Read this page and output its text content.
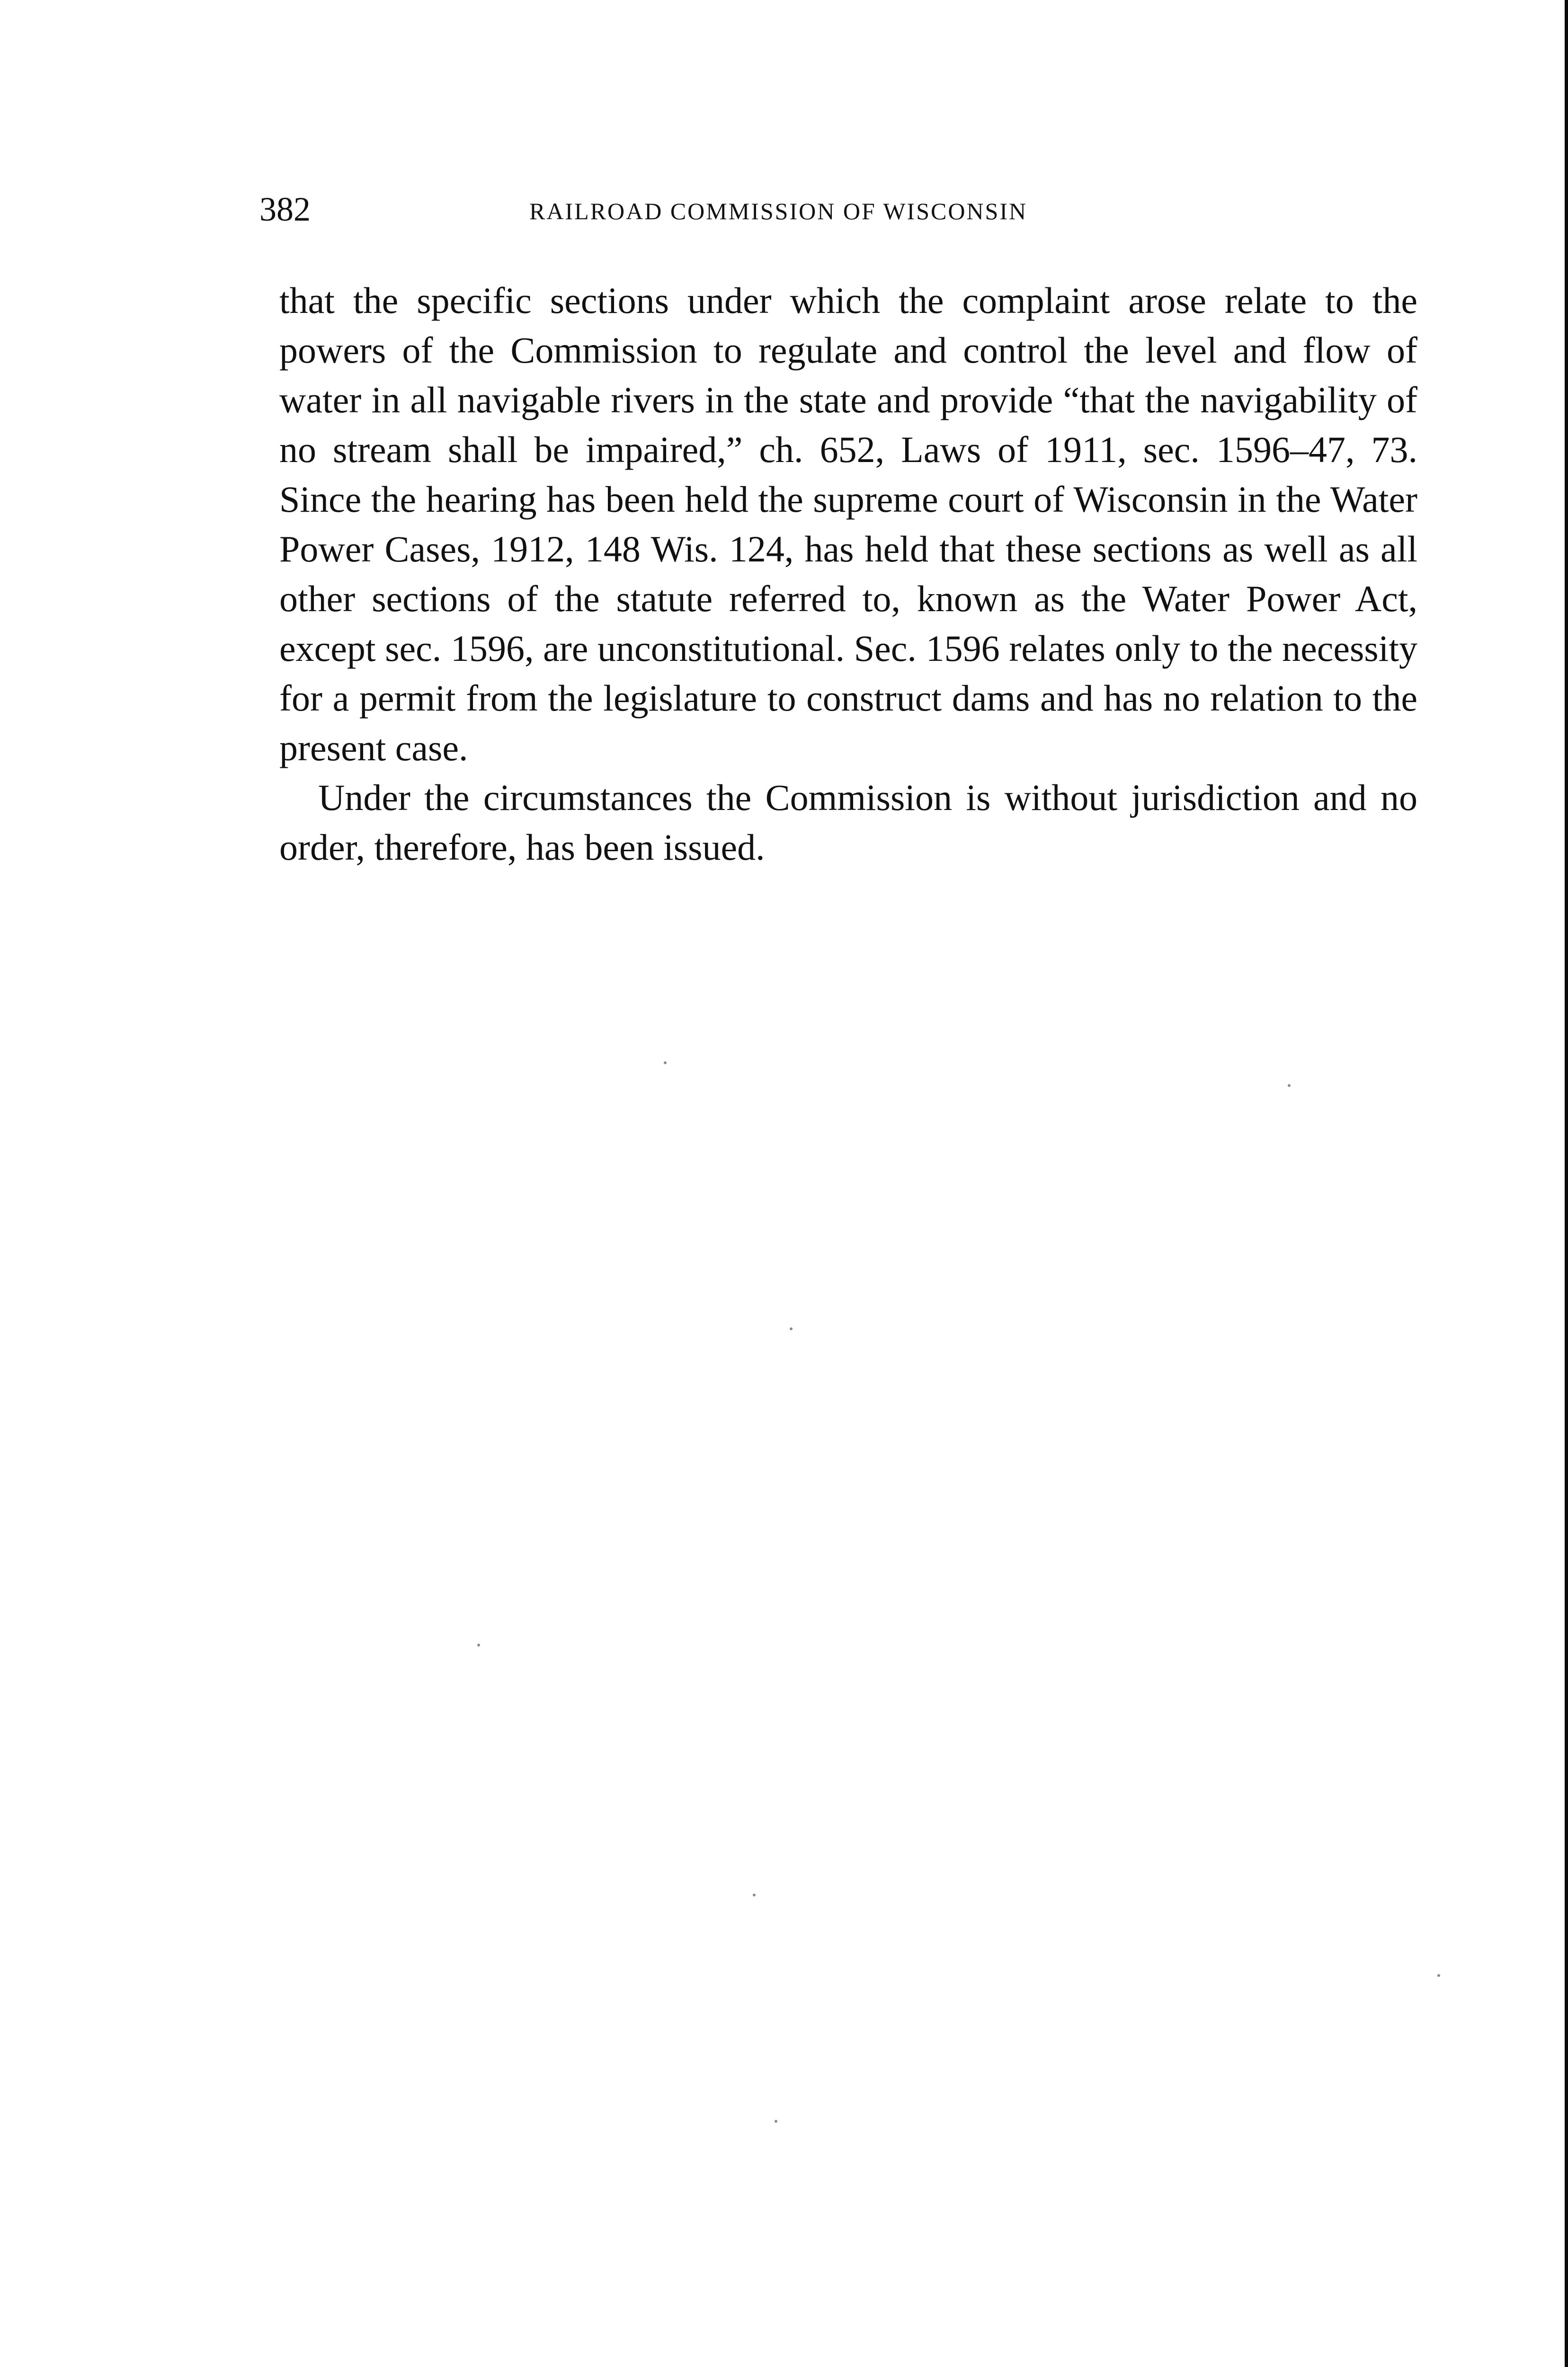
382	RAILROAD COMMISSION OF WISCONSIN

that the specific sections under which the complaint arose relate to the powers of the Commission to regulate and control the level and flow of water in all navigable rivers in the state and provide “that the navigability of no stream shall be impaired,” ch. 652, Laws of 1911, sec. 1596–47, 73. Since the hearing has been held the supreme court of Wisconsin in the Water Power Cases, 1912, 148 Wis. 124, has held that these sections as well as all other sections of the statute referred to, known as the Water Power Act, except sec. 1596, are unconstitutional. Sec. 1596 relates only to the necessity for a permit from the legislature to construct dams and has no relation to the present case.

Under the circumstances the Commission is without jurisdiction and no order, therefore, has been issued.
